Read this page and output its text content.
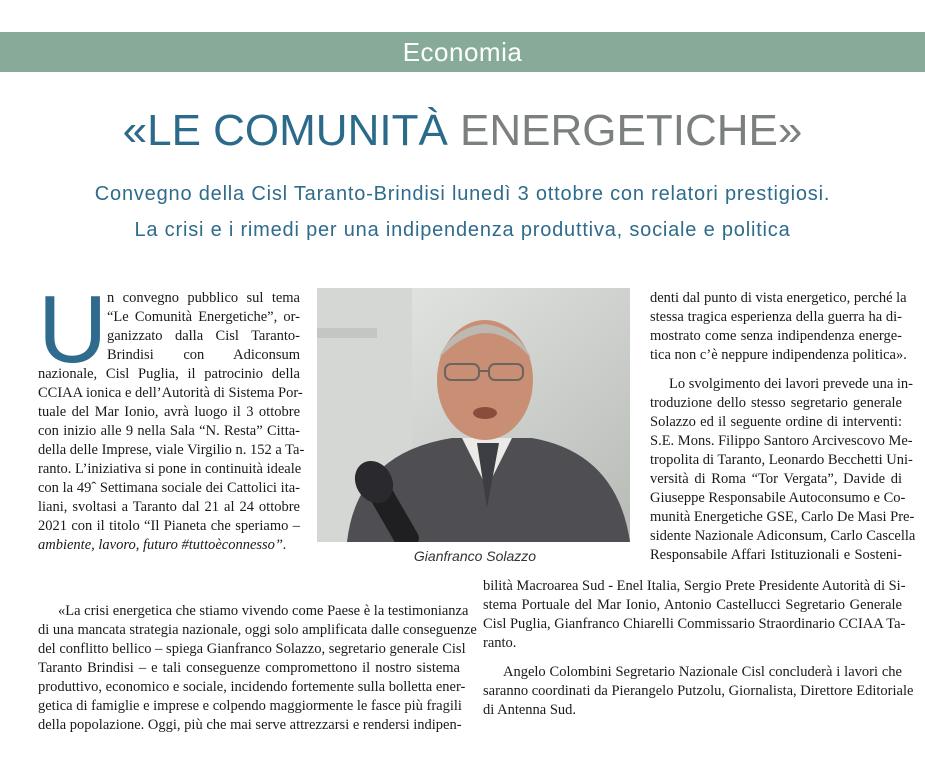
Economia
«LE COMUNITÀ ENERGETICHE»
Convegno della Cisl Taranto-Brindisi lunedì 3 ottobre con relatori prestigiosi.
La crisi e i rimedi per una indipendenza produttiva, sociale e politica
U n convegno pubblico sul tema
“Le Comunità Energetiche”, or-
ganizzato dalla Cisl Taranto-
Brindisi con Adiconsum
nazionale, Cisl Puglia, il patrocinio della
CCIAA ionica e dell’Autorità di Sistema Por-
tuale del Mar Ionio, avrà luogo il 3 ottobre
con inizio alle 9 nella Sala “N. Resta” Citta-
della delle Imprese, viale Virgilio n. 152 a Ta-
ranto. L’iniziativa si pone in continuità ideale
con la 49ˆ Settimana sociale dei Cattolici ita-
liani, svoltasi a Taranto dal 21 al 24 ottobre
2021 con il titolo “Il Pianeta che speriamo –
ambiente, lavoro, futuro #tuttoèconnesso”.
Gianfranco Solazzo
denti dal punto di vista energetico, perché la
stessa tragica esperienza della guerra ha di-
mostrato come senza indipendenza energe-
tica non c’è neppure indipendenza politica».
Lo svolgimento dei lavori prevede una in-
troduzione dello stesso segretario generale
Solazzo ed il seguente ordine di interventi:
S.E. Mons. Filippo Santoro Arcivescovo Me-
tropolita di Taranto, Leonardo Becchetti Uni-
versità di Roma “Tor Vergata”, Davide di
Giuseppe Responsabile Autoconsumo e Co-
munità Energetiche GSE, Carlo De Masi Pre-
sidente Nazionale Adiconsum, Carlo Cascella
Responsabile Affari Istituzionali e Sosteni-
«La crisi energetica che stiamo vivendo come Paese è la testimonianza
di una mancata strategia nazionale, oggi solo amplificata dalle conseguenze
del conflitto bellico – spiega Gianfranco Solazzo, segretario generale Cisl
Taranto Brindisi – e tali conseguenze compromettono il nostro sistema
produttivo, economico e sociale, incidendo fortemente sulla bolletta ener-
getica di famiglie e imprese e colpendo maggiormente le fasce più fragili
della popolazione. Oggi, più che mai serve attrezzarsi e rendersi indipen-
bilità Macroarea Sud - Enel Italia, Sergio Prete Presidente Autorità di Si-
stema Portuale del Mar Ionio, Antonio Castellucci Segretario Generale
Cisl Puglia, Gianfranco Chiarelli Commissario Straordinario CCIAA Ta-
ranto.
Angelo Colombini Segretario Nazionale Cisl concluderà i lavori che
saranno coordinati da Pierangelo Putzolu, Giornalista, Direttore Editoriale
di Antenna Sud.
